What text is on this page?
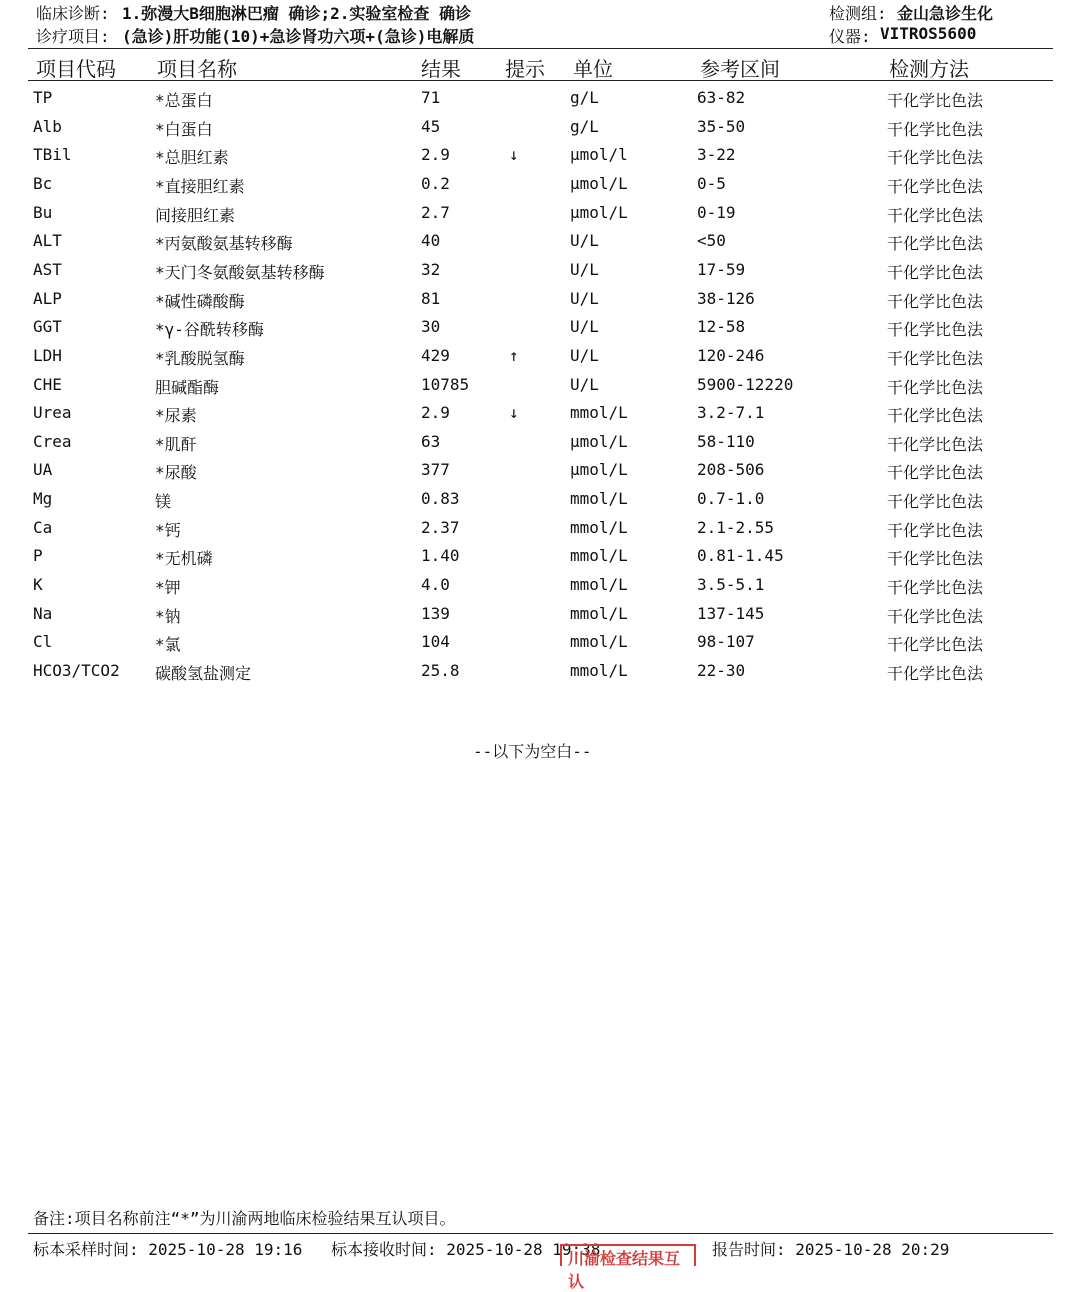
临床诊断: 1.弥漫大B细胞淋巴瘤 确诊;2.实验室检查 确诊
诊疗项目: (急诊)肝功能(10)+急诊肾功六项+(急诊)电解质
检测组: 金山急诊生化
仪器: VITROS5600
项目代码 项目名称	结果 提示 单位	参考区间	检测方法
TP	*总蛋白	71	g/L	63-82	干化学比色法
Alb	*白蛋白	45	g/L	35-50	干化学比色法
TBil	*总胆红素	2.9	↓	μmol/l	3-22	干化学比色法
Bc	*直接胆红素	0.2	μmol/L	0-5	干化学比色法
Bu	间接胆红素	2.7	μmol/L	0-19	干化学比色法
ALT	*丙氨酸氨基转移酶	40	U/L	<50	干化学比色法
AST	*天门冬氨酸氨基转移酶	32	U/L	17-59	干化学比色法
ALP	*碱性磷酸酶	81	U/L	38-126	干化学比色法
GGT	*γ-谷酰转移酶	30	U/L	12-58	干化学比色法
LDH	*乳酸脱氢酶	429	↑	U/L	120-246	干化学比色法
CHE	胆碱酯酶	10785	U/L	5900-12220	干化学比色法
Urea	*尿素	2.9	↓	mmol/L	3.2-7.1	干化学比色法
Crea	*肌酐	63	μmol/L	58-110	干化学比色法
UA	*尿酸	377	μmol/L	208-506	干化学比色法
Mg	镁	0.83	mmol/L	0.7-1.0	干化学比色法
Ca	*钙	2.37	mmol/L	2.1-2.55	干化学比色法
P	*无机磷	1.40	mmol/L	0.81-1.45	干化学比色法
K	*钾	4.0	mmol/L	3.5-5.1	干化学比色法
Na	*钠	139	mmol/L	137-145	干化学比色法
Cl	*氯	104	mmol/L	98-107	干化学比色法
HCO3/TCO2 碳酸氢盐测定	25.8	mmol/L	22-30	干化学比色法
--以下为空白--
备注:项目名称前注“*”为川渝两地临床检验结果互认项目。
标本采样时间: 2025-10-28 19:16 标本接收时间: 2025-10-28 19:38
川渝检查结果互认
报告时间: 2025-10-28 20:29
